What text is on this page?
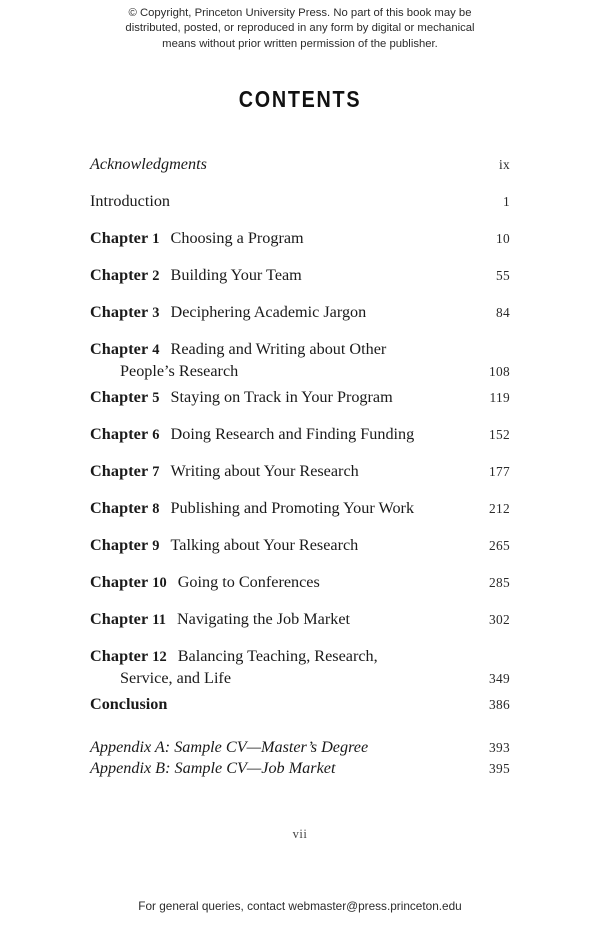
© Copyright, Princeton University Press. No part of this book may be
distributed, posted, or reproduced in any form by digital or mechanical
means without prior written permission of the publisher.
CONTENTS
Acknowledgments	ix
Introduction	1
Chapter 1 Choosing a Program	10
Chapter 2 Building Your Team	55
Chapter 3 Deciphering Academic Jargon	84
Chapter 4 Reading and Writing about Other
People’s Research	108
Chapter 5 Staying on Track in Your Program	119
Chapter 6 Doing Research and Finding Funding	152
Chapter 7 Writing about Your Research	177
Chapter 8 Publishing and Promoting Your Work	212
Chapter 9 Talking about Your Research	265
Chapter 10 Going to Conferences	285
Chapter 11 Navigating the Job Market	302
Chapter 12 Balancing Teaching, Research,
Service, and Life	349
Conclusion	386
Appendix A: Sample CV—Master’s Degree	393
Appendix B: Sample CV—Job Market	395
vii
For general queries, contact webmaster@press.princeton.edu
